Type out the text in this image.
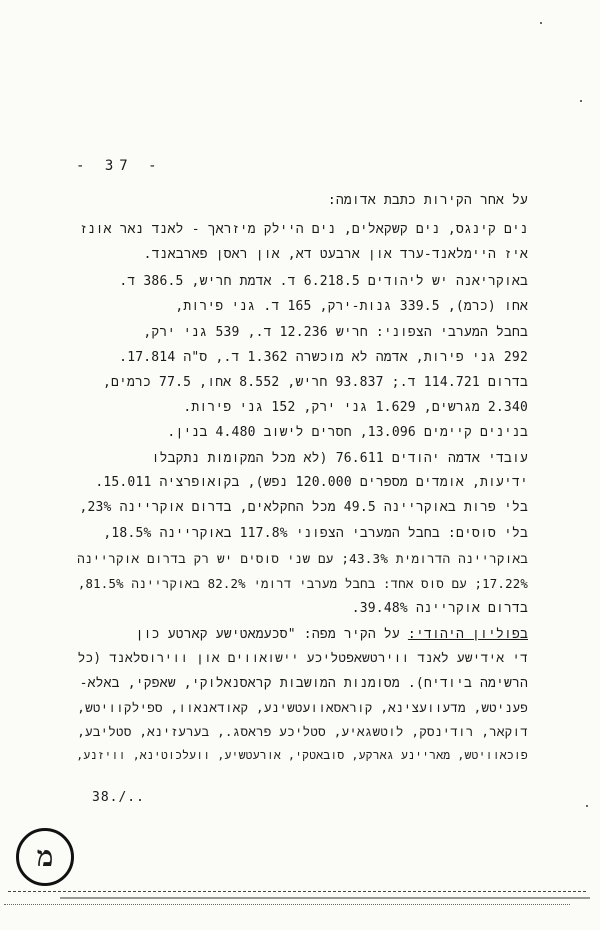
- 37 -
על אחר הקירות כתבת אדומה:
נים קינגס, נים קשקאלים, נים היילק מיזראך - לאנד נאר אונז
איז היימלאנד-ערד און ארבעט דא, און ראסן פארבאנד.
באוקריאנה יש ליהודים 6.218.5 ד. אדמת חריש, 386.5 ד.
אחו (כרמ), 339.5 גנות-ירק, 165 ד. גני פירות,
בחבל המערבי הצפוני: חריש 12.236 ד., 539 גני ירק,
292 גני פירות, אדמה לא מוכשרה 1.362 ד., ס"ה 17.814.
בדרום 114.721 ד.; 93.837 חריש, 8.552 אחו, 77.5 כרמים,
2.340 מגרשים, 1.629 גני ירק, 152 גני פירות.
בנינים קיימים 13.096, חסרים לישוב 4.480 בנין.
עובדי אדמה יהודים 76.611 (לא מכל המקומות נתקבלו
ידיעות, אומדים מספרים 120.000 נפש), בקואופרציה 15.011.
בלי פרות באוקריינה 49.5 מכל החקלאים, בדרום אוקריינה 23%,
בלי סוסים: בחבל המערבי הצפוני 117.8% באוקריינה 18.5%,
באוקריינה הדרומית 43.3%; עם שני סוסים יש רק בדרום אוקריינה
17.22%; עם סוס אחד: בחבל מערבי דרומי 82.2% באוקריינה 81.5%,
בדרום אוקריינה 39.48%.
בפוליון היהודי: על הקיר מפה: "סכעמאטישע קארטע כון
די אידישע לאנד ווירטשאפטליכע יישואווים און ווירוסלאנד (כל
הרשימה ביודיח). מסומנות המושבות קראסנאלוקי, שאפקי, באלא-
פעניטש, מדעוועצינא, קוראסאוועטשינע, קאודאנאוו, ספילקוויטש,
דוקאר, רודינסק, לוטשגאיע, סטליכע פראסג., בערעזינא, סטליבע,
פוכאוויטש, מאריינע גארקע, סובאטקי, אורעטשיע, וועלכוטינא, וויזנע,
38./..
מ
